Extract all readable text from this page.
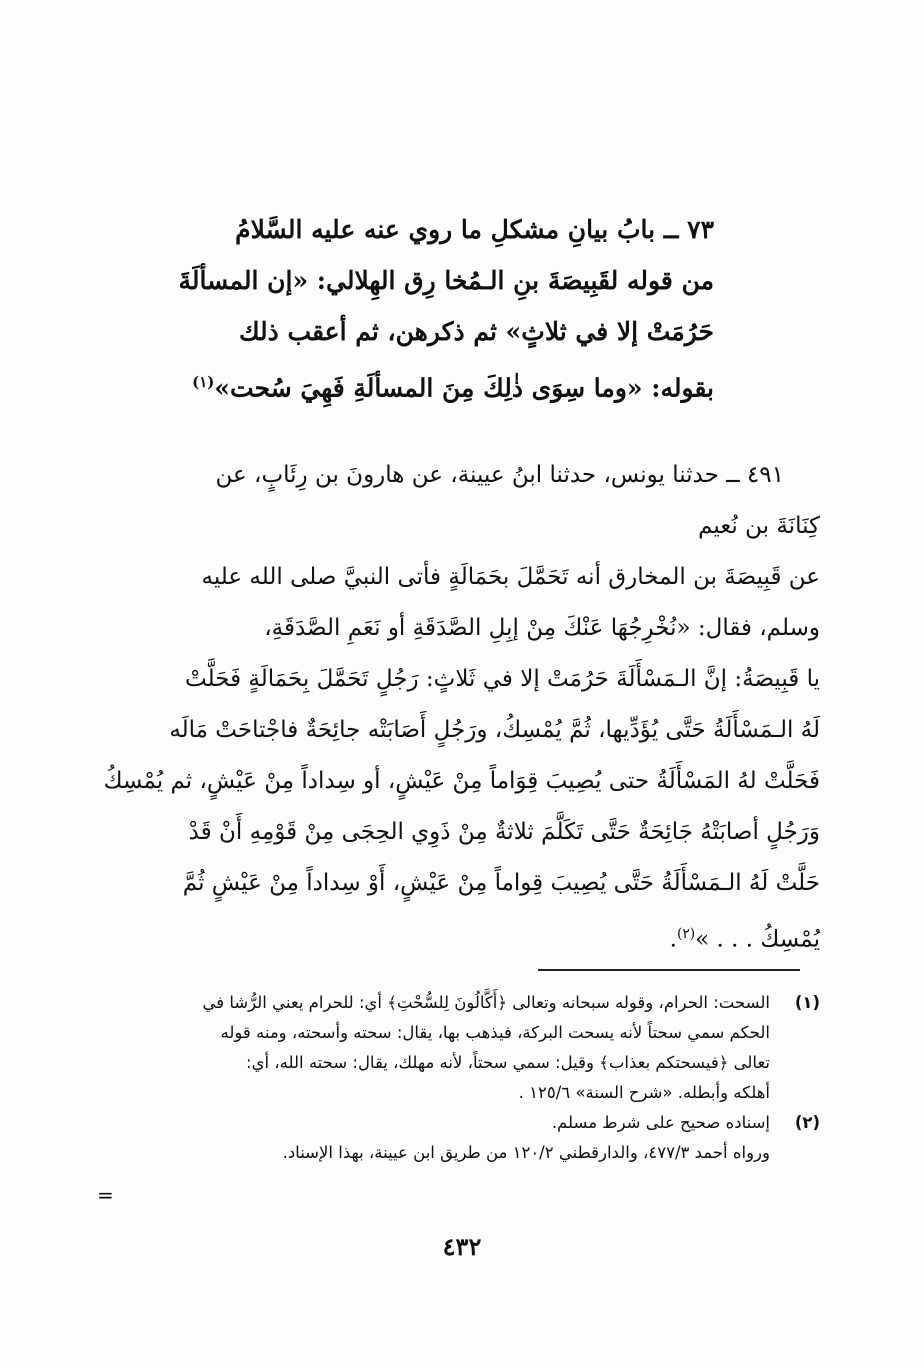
٧٣ ــ بابُ بيانِ مشكلِ ما روي عنه عليه السَّلامُ
من قوله لقَبِيصَةَ بنِ الـمُخا رِق الهِلالي: «إن المسألَةَ
حَرُمَتْ إلا في ثلاثٍ» ثم ذكرهن، ثم أعقب ذلك
بقوله: «وما سِوَى ذٰلِكَ مِنَ المسألَةِ فَهِيَ سُحت»$^{(١)}$
٤٩١ ــ حدثنا يونس، حدثنا ابنُ عيينة، عن هارونَ بن رِئَابٍ، عن
كِنَانَةَ بن نُعيم
عن قَبِيصَةَ بن المخارق أنه تَحَمَّلَ بحَمَالَةٍ فأتى النبيَّ صلى الله عليه
وسلم، فقال: «نُخْرِجُهَا عَنْكَ مِنْ إبِلِ الصَّدَقَةِ أو نَعَمِ الصَّدَقَةِ،
يا قَبِيصَةُ: إنَّ الـمَسْأَلَةَ حَرُمَتْ إلا في ثَلاثٍ: رَجُلٍ تَحَمَّلَ بِحَمَالَةٍ فَحَلَّتْ
لَهُ الـمَسْأَلَةُ حَتَّى يُؤَدِّيها، ثُمَّ يُمْسِكُ، ورَجُلٍ أَصَابَتْه جائِحَةٌ فاجْتاحَتْ مَالَه
فَحَلَّتْ لهُ المَسْأَلَةُ حتى يُصِيبَ قِوَاماً مِنْ عَيْشٍ، أو سِداداً مِنْ عَيْشٍ، ثم يُمْسِكُ
وَرَجُلٍ أصابَتْهُ جَائِحَةٌ حَتَّى تَكَلَّمَ ثلاثةٌ مِنْ ذَوِي الحِجَى مِنْ قَوْمِهِ أَنْ قَدْ
حَلَّتْ لَهُ الـمَسْأَلَةُ حَتَّى يُصِيبَ قِواماً مِنْ عَيْشٍ، أَوْ سِداداً مِنْ عَيْشٍ ثُمَّ
يُمْسِكُ . . . »$^{(٢)}$.
(١)
السحت: الحرام، وقوله سبحانه وتعالى ﴿أَكَّالُونَ لِلسُّحْتِ﴾ أي: للحرام يعني الرُّشا في
الحكم سمي سحتاً لأنه يسحت البركة، فيذهب بها، يقال: سحته وأسحته، ومنه قوله
تعالى ﴿فيسحتكم بعذاب﴾ وقيل: سمي سحتاً، لأنه مهلك، يقال: سحته الله، أي:
أهلكه وأبطله. «شرح السنة» ١٢٥/٦ .
(٢)
إسناده صحيح على شرط مسلم.
ورواه أحمد ٤٧٧/٣، والدارقطني ١٢٠/٢ من طريق ابن عيينة، بهذا الإسناد.
=
٤٣٢
